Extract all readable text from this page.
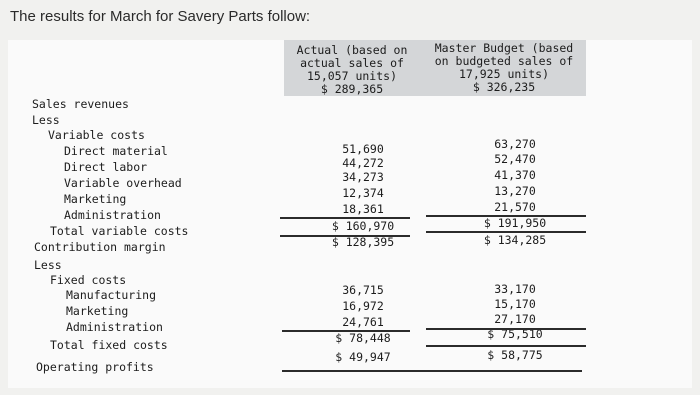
The results for March for Savery Parts follow:
Actual (based on
actual sales of
15,057 units)
$ 289,365
Master Budget (based
on budgeted sales of
17,925 units)
$ 326,235
Sales revenues
Less
Variable costs
Direct material
Direct labor
Variable overhead
Marketing
Administration
Total variable costs
Contribution margin
Less
Fixed costs
Manufacturing
Marketing
Administration
Total fixed costs
Operating profits
51,690
44,272
34,273
12,374
18,361
$ 160,970
$ 128,395
36,715
16,972
24,761
$ 78,448
$ 49,947
63,270
52,470
41,370
13,270
21,570
$ 191,950
$ 134,285
33,170
15,170
27,170
$ 75,510
$ 58,775
